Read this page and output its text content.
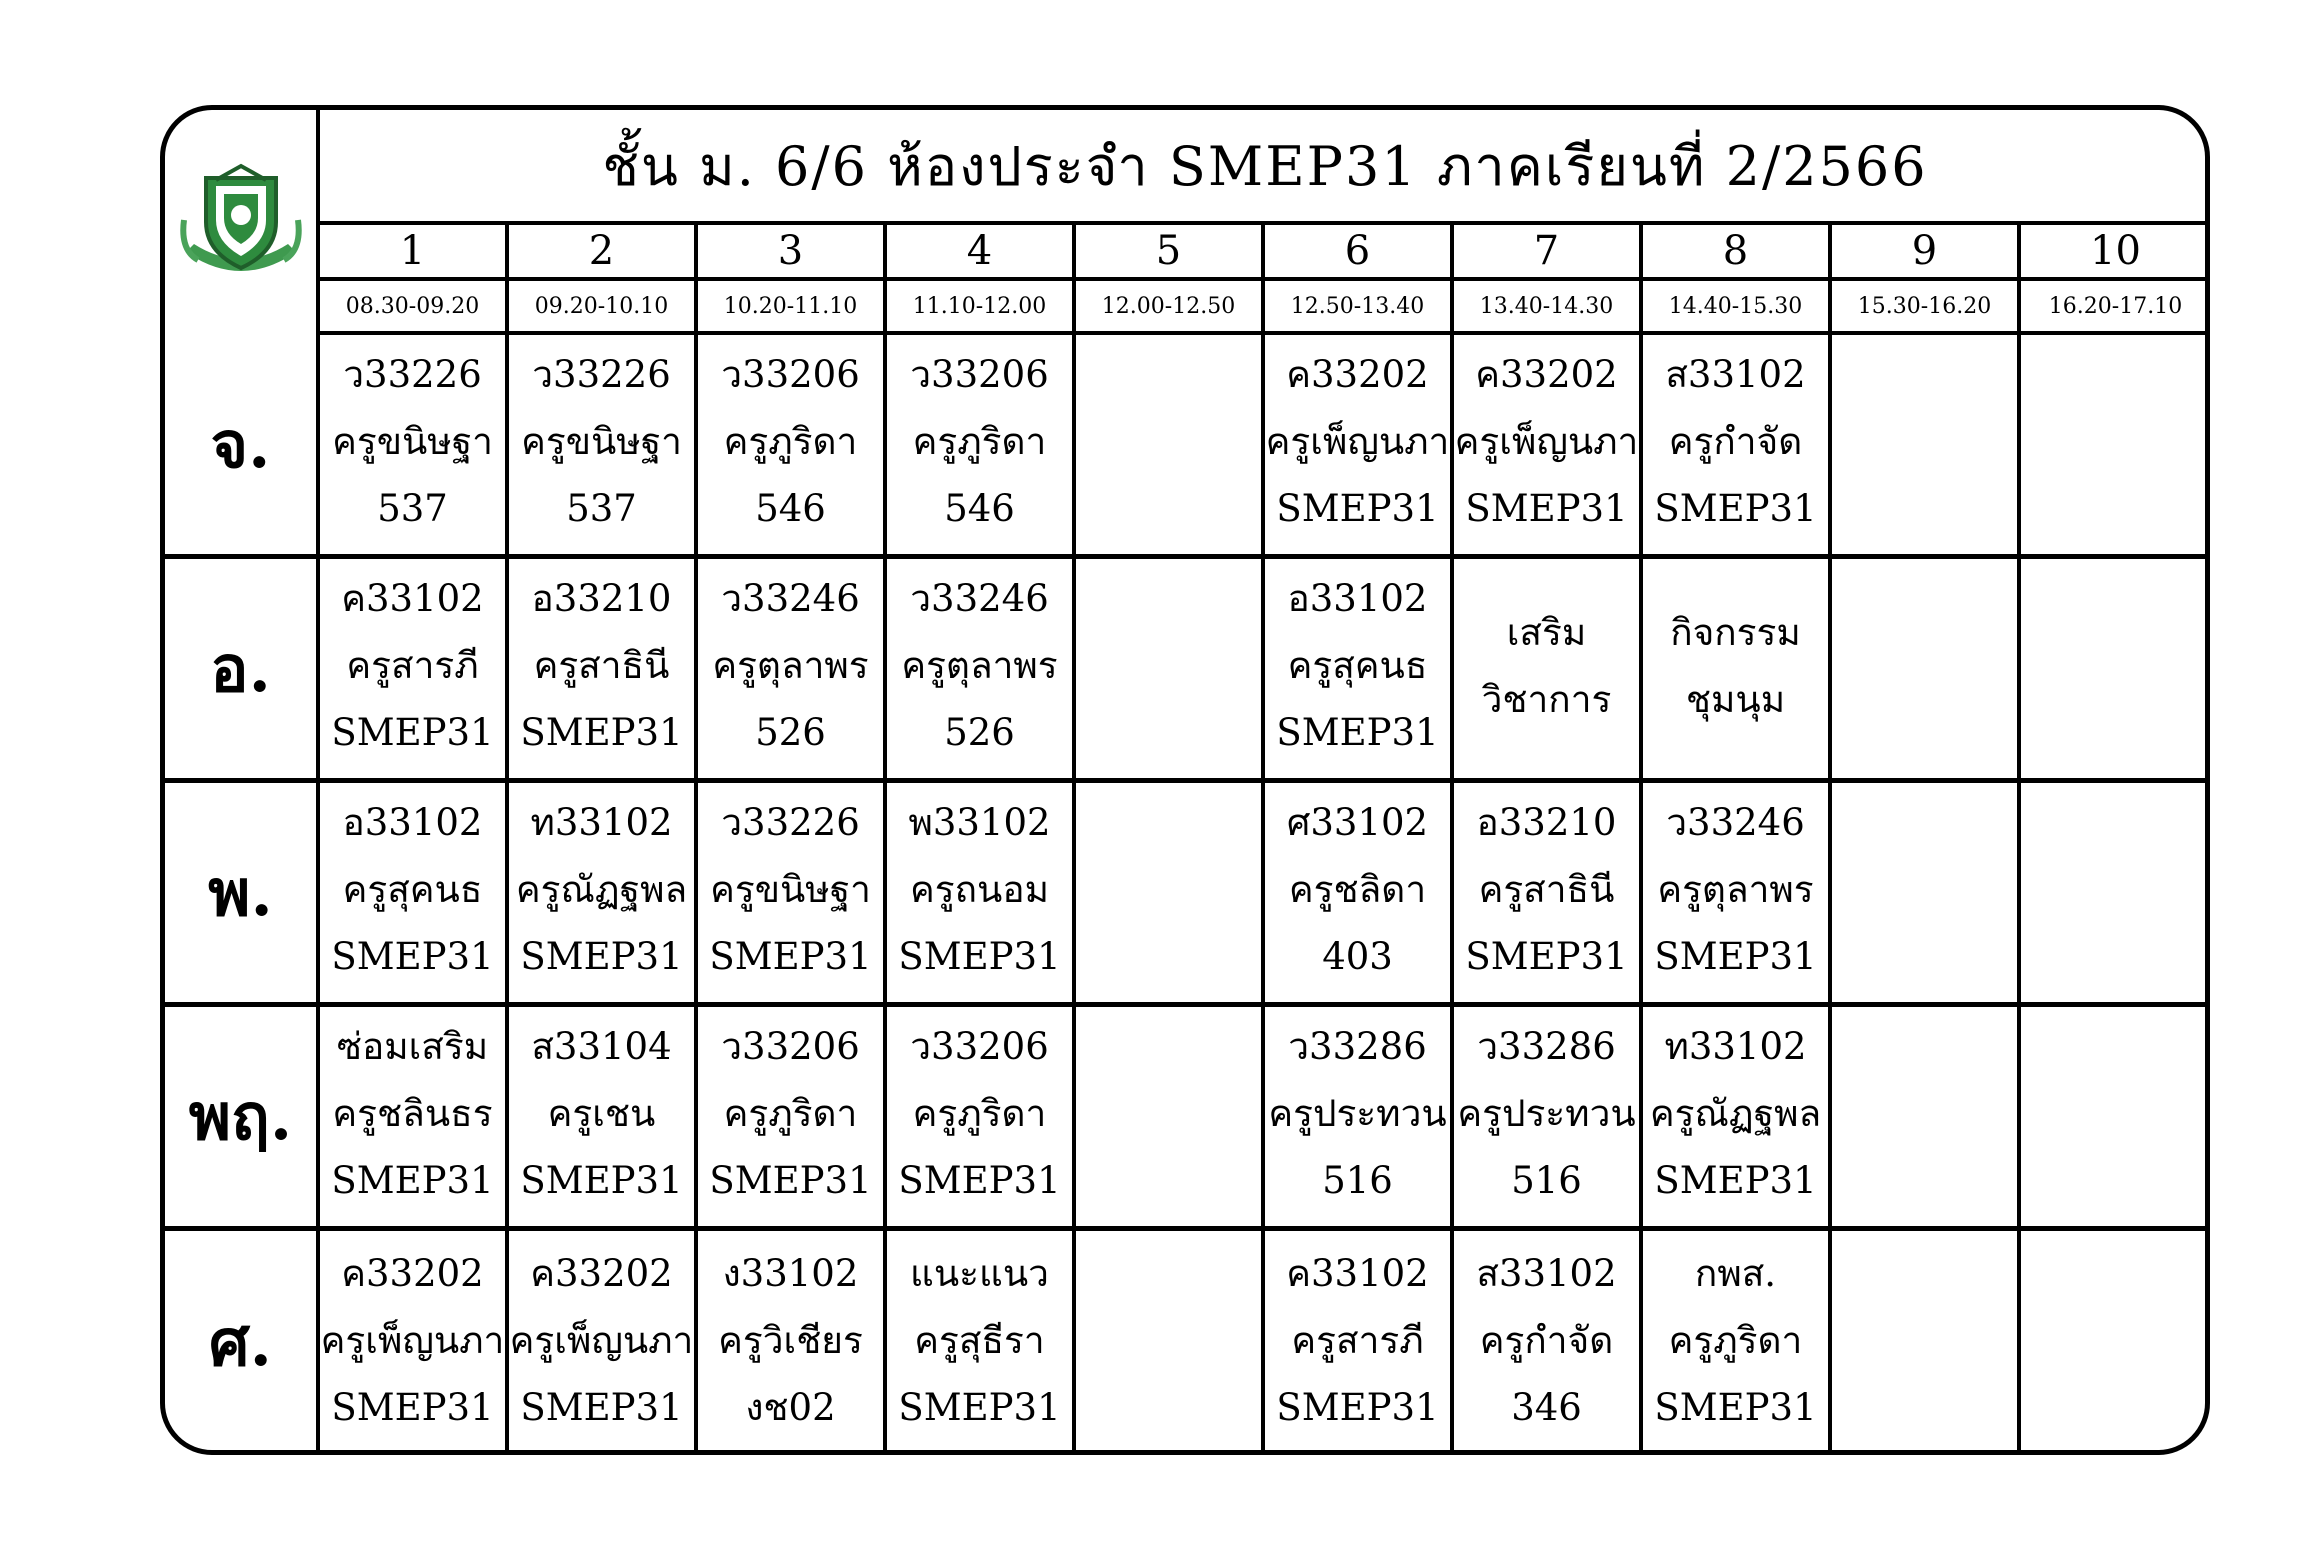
ชั้น ม. 6/6 ห้องประจำ SMEP31 ภาคเรียนที่ 2/2566
1
08.30-09.20
2
09.20-10.10
3
10.20-11.10
4
11.10-12.00
5
12.00-12.50
6
12.50-13.40
7
13.40-14.30
8
14.40-15.30
9
15.30-16.20
10
16.20-17.10
จ.
ว33226
ครูขนิษฐา
537
ว33226
ครูขนิษฐา
537
ว33206
ครูภูริดา
546
ว33206
ครูภูริดา
546
ค33202
ครูเพ็ญนภา
SMEP31
ค33202
ครูเพ็ญนภา
SMEP31
ส33102
ครูกำจัด
SMEP31
อ.
ค33102
ครูสารภี
SMEP31
อ33210
ครูสาธินี
SMEP31
ว33246
ครูตุลาพร
526
ว33246
ครูตุลาพร
526
อ33102
ครูสุคนธ
SMEP31
เสริม
วิชาการ
กิจกรรม
ชุมนุม
พ.
อ33102
ครูสุคนธ
SMEP31
ท33102
ครูณัฏฐพล
SMEP31
ว33226
ครูขนิษฐา
SMEP31
พ33102
ครูถนอม
SMEP31
ศ33102
ครูชลิดา
403
อ33210
ครูสาธินี
SMEP31
ว33246
ครูตุลาพร
SMEP31
พฤ.
ซ่อมเสริม
ครูชลินธร
SMEP31
ส33104
ครูเชน
SMEP31
ว33206
ครูภูริดา
SMEP31
ว33206
ครูภูริดา
SMEP31
ว33286
ครูประทวน
516
ว33286
ครูประทวน
516
ท33102
ครูณัฏฐพล
SMEP31
ศ.
ค33202
ครูเพ็ญนภา
SMEP31
ค33202
ครูเพ็ญนภา
SMEP31
ง33102
ครูวิเชียร
งช02
แนะแนว
ครูสุธีรา
SMEP31
ค33102
ครูสารภี
SMEP31
ส33102
ครูกำจัด
346
กพส.
ครูภูริดา
SMEP31
